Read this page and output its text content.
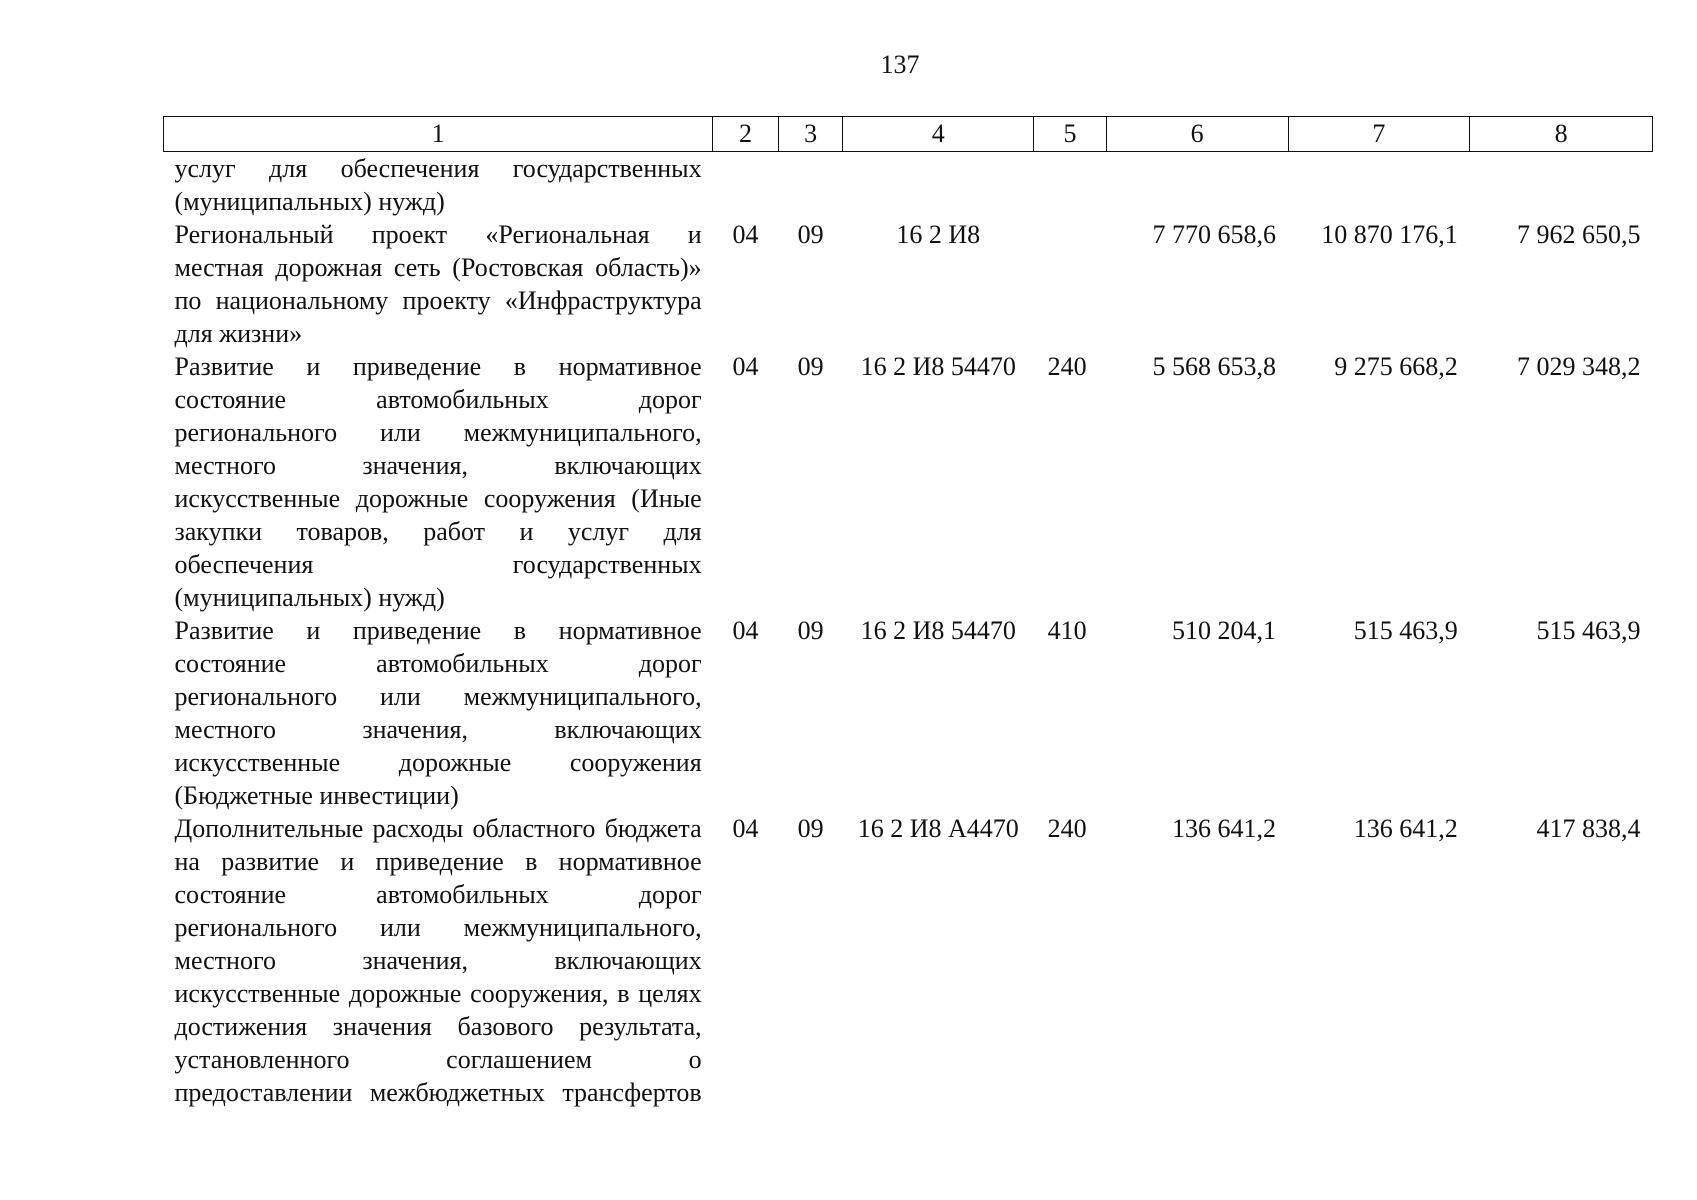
137
1	2	3	4	5	6	7	8
услуг для обеспечения государственных (муниципальных) нужд)							
Региональный проект «Региональная и местная дорожная сеть (Ростовская область)» по национальному проекту «Инфраструктура для жизни»	04	09	16 2 И8		7 770 658,6	10 870 176,1	7 962 650,5
Развитие и приведение в нормативное состояние автомобильных дорог регионального или межмуниципального, местного значения, включающих искусственные дорожные сооружения (Иные закупки товаров, работ и услуг для обеспечения государственных (муниципальных) нужд)	04	09	16 2 И8 54470	240	5 568 653,8	9 275 668,2	7 029 348,2
Развитие и приведение в нормативное состояние автомобильных дорог регионального или межмуниципального, местного значения, включающих искусственные дорожные сооружения (Бюджетные инвестиции)	04	09	16 2 И8 54470	410	510 204,1	515 463,9	515 463,9
Дополнительные расходы областного бюджета на развитие и приведение в нормативное состояние автомобильных дорог регионального или межмуниципального, местного значения, включающих искусственные дорожные сооружения, в целях достижения значения базового результата, установленного соглашением о предоставлении межбюджетных трансфертов	04	09	16 2 И8 А4470	240	136 641,2	136 641,2	417 838,4
